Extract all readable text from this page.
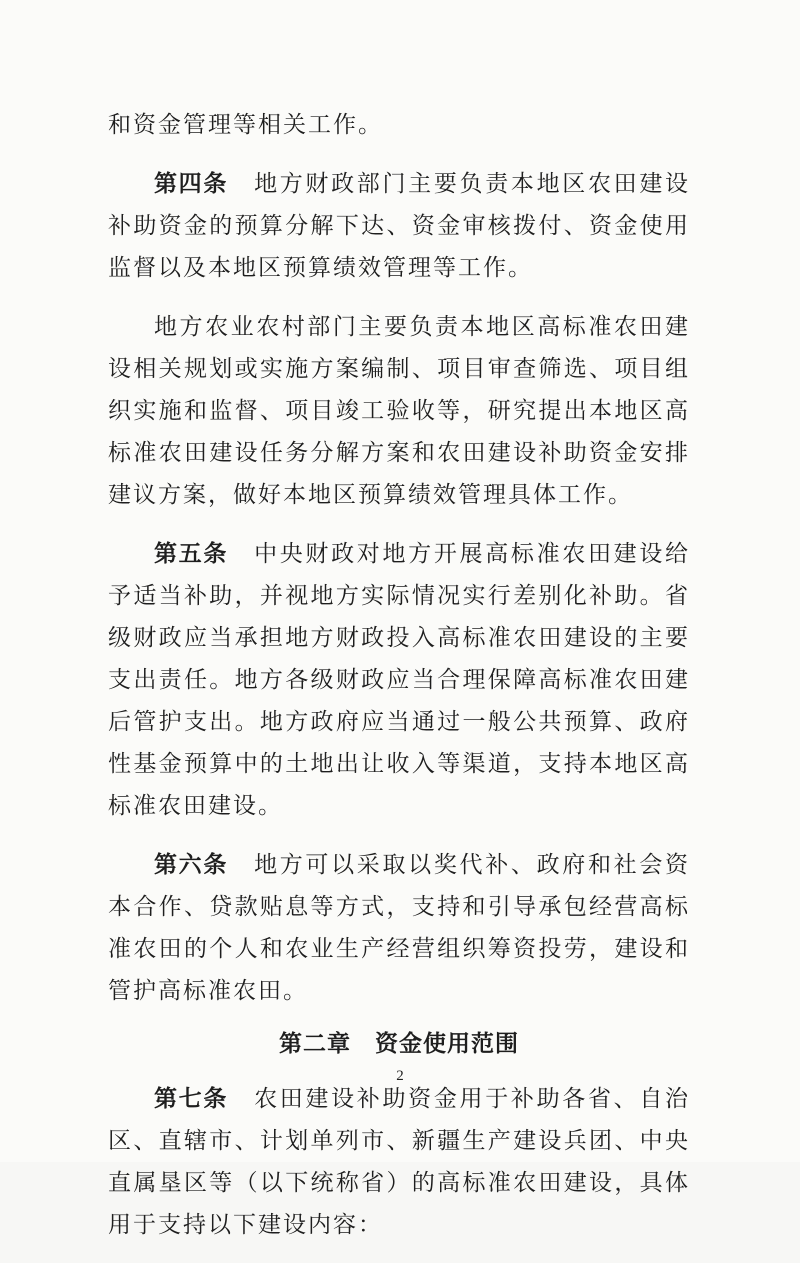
和资金管理等相关工作。

第四条 地方财政部门主要负责本地区农田建设补助资金的预算分解下达、资金审核拨付、资金使用监督以及本地区预算绩效管理等工作。

地方农业农村部门主要负责本地区高标准农田建设相关规划或实施方案编制、项目审查筛选、项目组织实施和监督、项目竣工验收等，研究提出本地区高标准农田建设任务分解方案和农田建设补助资金安排建议方案，做好本地区预算绩效管理具体工作。

第五条 中央财政对地方开展高标准农田建设给予适当补助，并视地方实际情况实行差别化补助。省级财政应当承担地方财政投入高标准农田建设的主要支出责任。地方各级财政应当合理保障高标准农田建后管护支出。地方政府应当通过一般公共预算、政府性基金预算中的土地出让收入等渠道，支持本地区高标准农田建设。

第六条 地方可以采取以奖代补、政府和社会资本合作、贷款贴息等方式，支持和引导承包经营高标准农田的个人和农业生产经营组织筹资投劳，建设和管护高标准农田。

第二章 资金使用范围

第七条 农田建设补助资金用于补助各省、自治区、直辖市、计划单列市、新疆生产建设兵团、中央直属垦区等（以下统称省）的高标准农田建设，具体用于支持以下建设内容：

2
